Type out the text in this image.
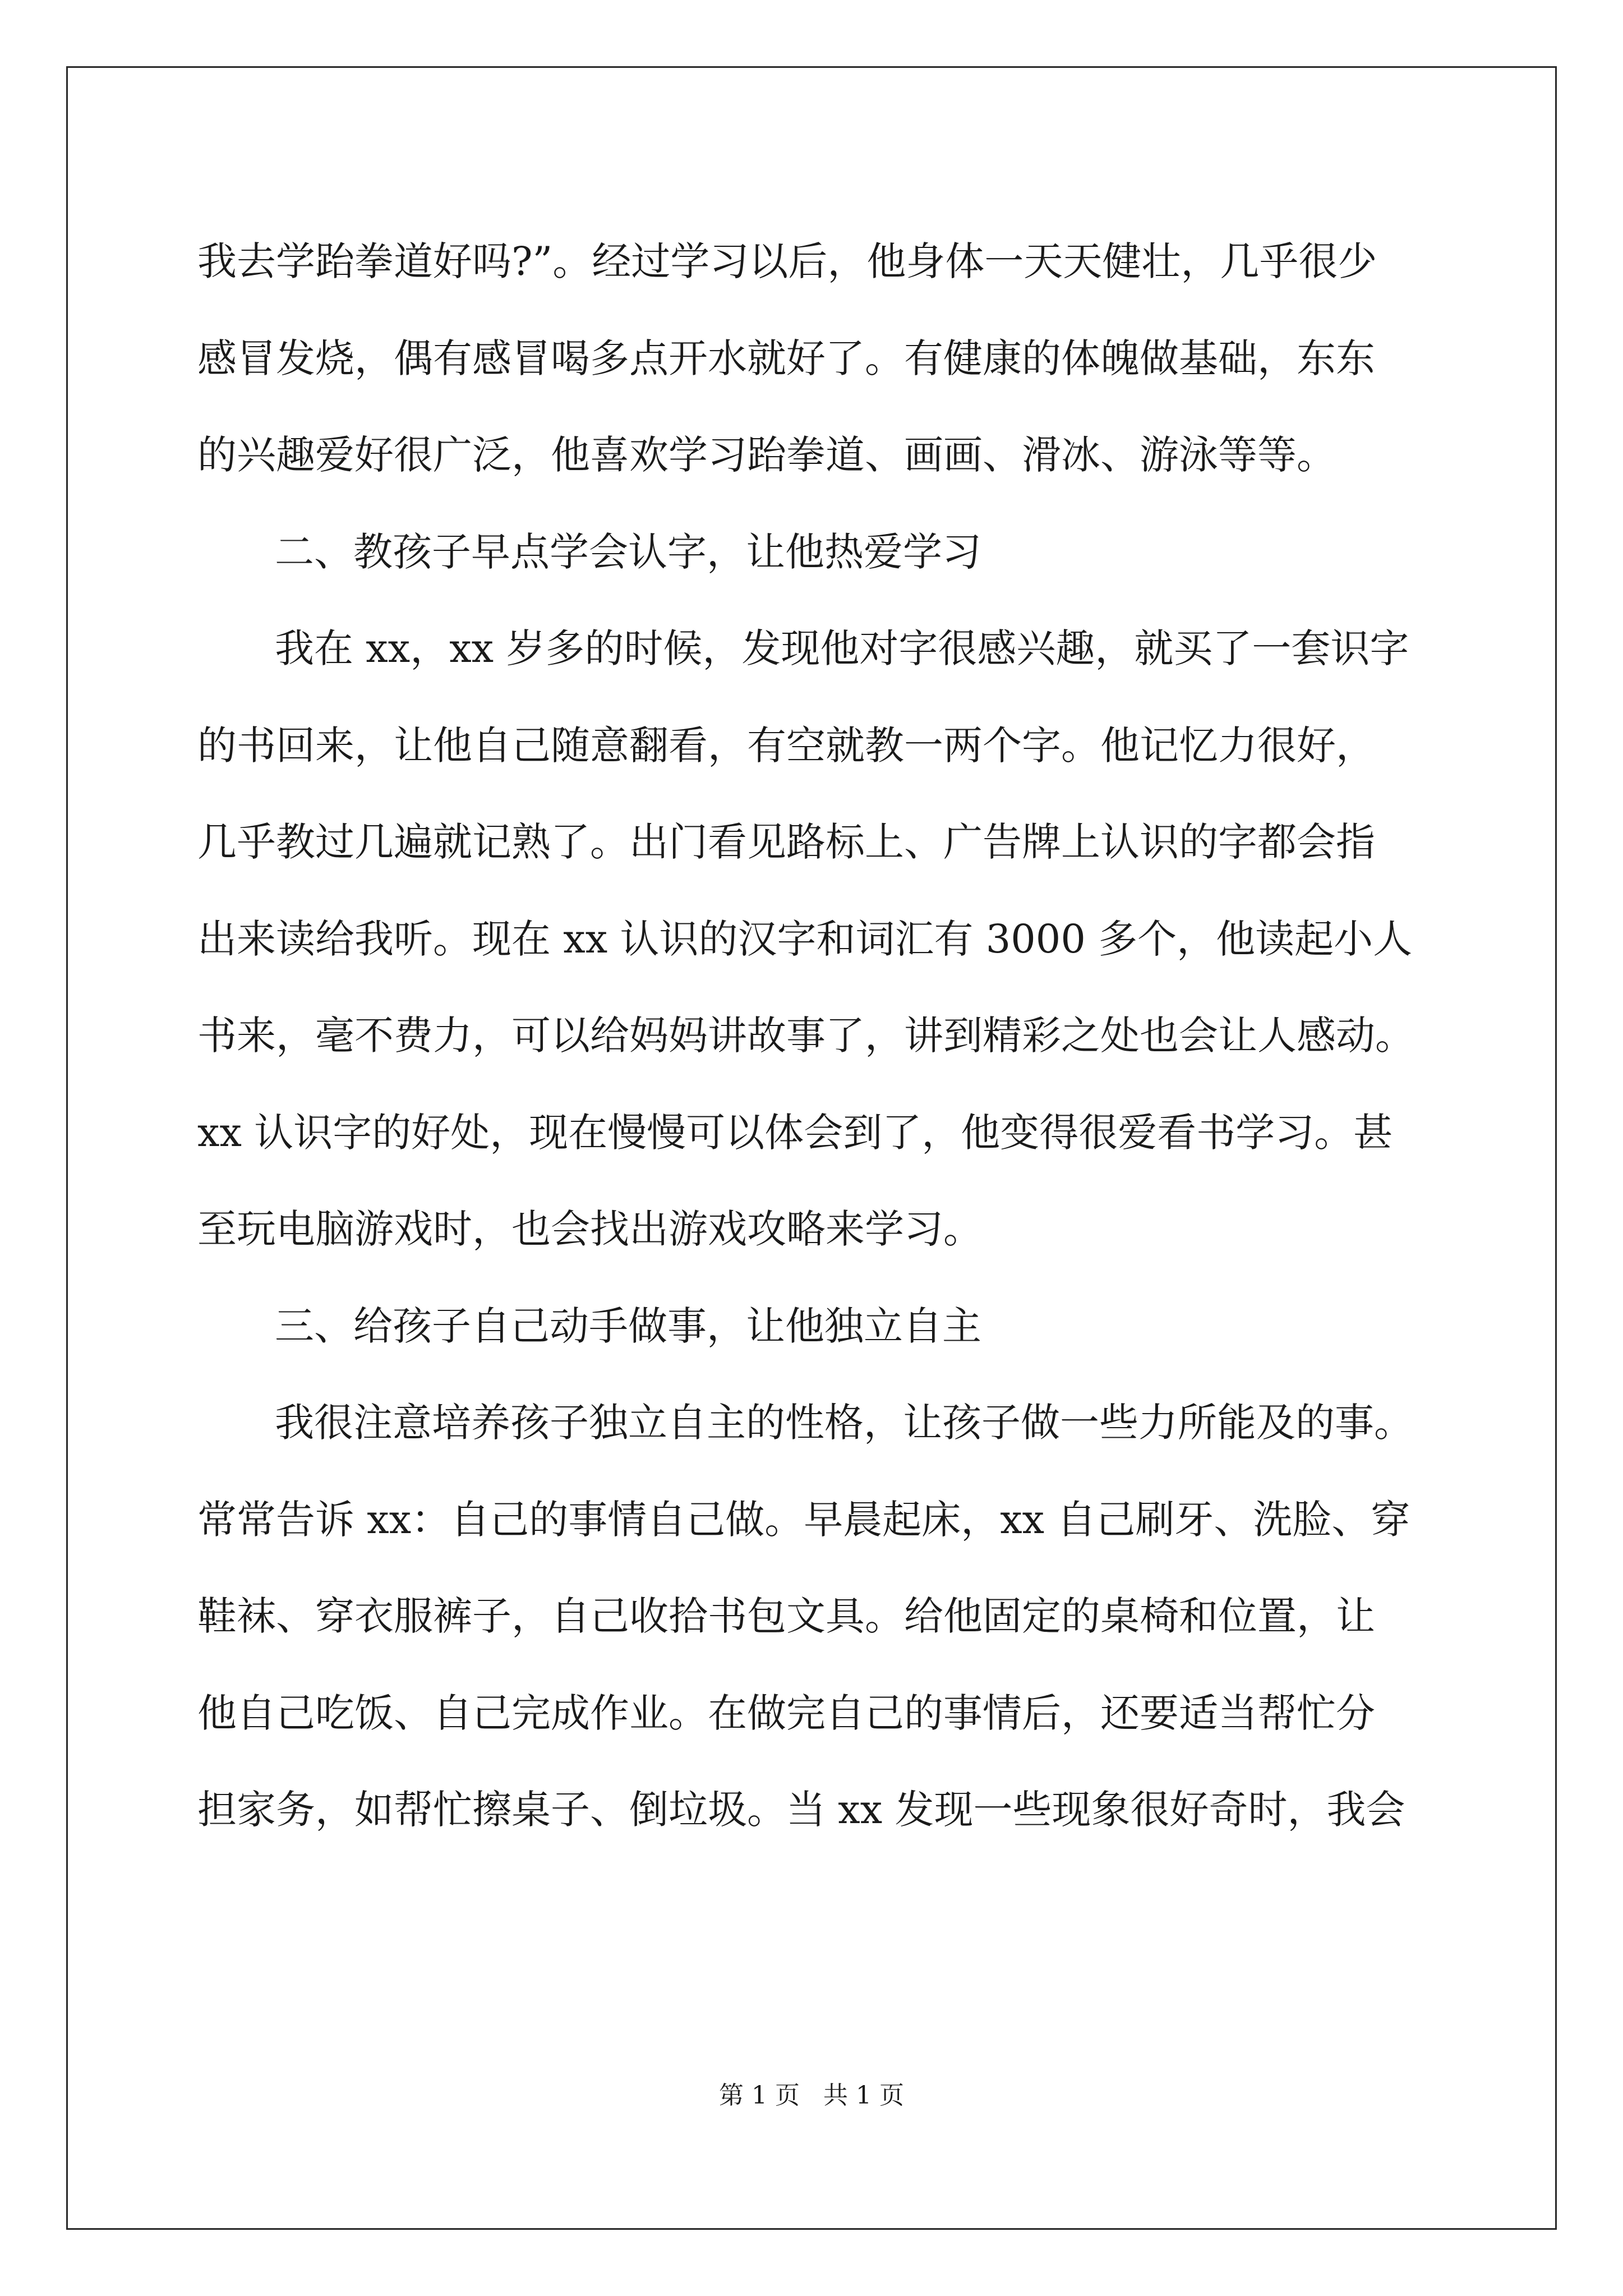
我去学跆拳道好吗?”。经过学习以后，他身体一天天健壮，几乎很少
感冒发烧，偶有感冒喝多点开水就好了。有健康的体魄做基础，东东
的兴趣爱好很广泛，他喜欢学习跆拳道、画画、滑冰、游泳等等。
二、教孩子早点学会认字，让他热爱学习
我在 xx，xx 岁多的时候，发现他对字很感兴趣，就买了一套识字
的书回来，让他自己随意翻看，有空就教一两个字。他记忆力很好，
几乎教过几遍就记熟了。出门看见路标上、广告牌上认识的字都会指
出来读给我听。现在 xx 认识的汉字和词汇有 3000 多个，他读起小人
书来，毫不费力，可以给妈妈讲故事了，讲到精彩之处也会让人感动。
xx 认识字的好处，现在慢慢可以体会到了，他变得很爱看书学习。甚
至玩电脑游戏时，也会找出游戏攻略来学习。
三、给孩子自己动手做事，让他独立自主
我很注意培养孩子独立自主的性格，让孩子做一些力所能及的事。
常常告诉 xx：自己的事情自己做。早晨起床，xx 自己刷牙、洗脸、穿
鞋袜、穿衣服裤子，自己收拾书包文具。给他固定的桌椅和位置，让
他自己吃饭、自己完成作业。在做完自己的事情后，还要适当帮忙分
担家务，如帮忙擦桌子、倒垃圾。当 xx 发现一些现象很好奇时，我会
第 1 页   共 1 页
